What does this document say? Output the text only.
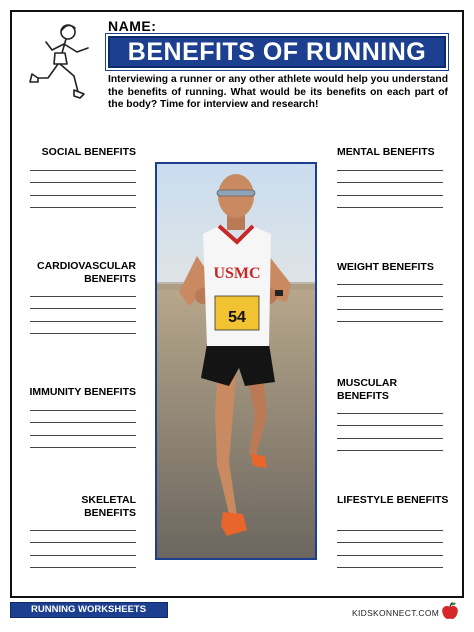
NAME:
BENEFITS OF RUNNING
Interviewing a runner or any other athlete would help you understand the benefits of running. What would be its benefits on each part of the body? Time for interview and research!
SOCIAL BENEFITS
CARDIOVASCULAR BENEFITS
IMMUNITY BENEFITS
SKELETAL BENEFITS
MENTAL BENEFITS
WEIGHT BENEFITS
MUSCULAR BENEFITS
LIFESTYLE BENEFITS
54
USMC
RUNNING WORKSHEETS	KIDSKONNECT.COM
